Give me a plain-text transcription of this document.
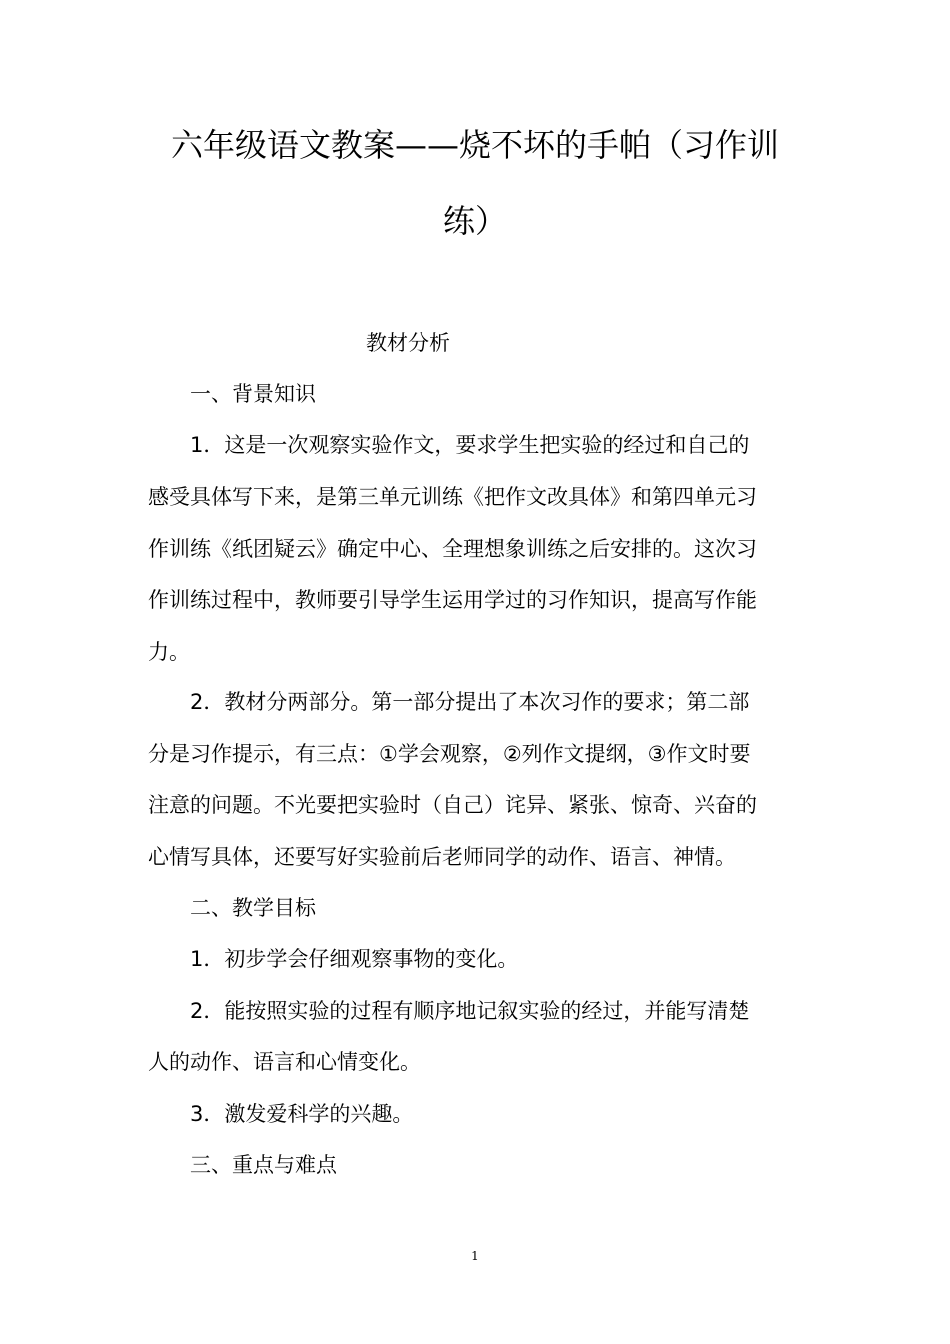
六年级语文教案——烧不坏的手帕（习作训
练）
教材分析
一、背景知识
1．这是一次观察实验作文，要求学生把实验的经过和自己的
感受具体写下来，是第三单元训练《把作文改具体》和第四单元习
作训练《纸团疑云》确定中心、全理想象训练之后安排的。这次习
作训练过程中，教师要引导学生运用学过的习作知识，提高写作能
力。
2．教材分两部分。第一部分提出了本次习作的要求；第二部
分是习作提示，有三点：①学会观察，②列作文提纲，③作文时要
注意的问题。不光要把实验时（自己）诧异、紧张、惊奇、兴奋的
心情写具体，还要写好实验前后老师同学的动作、语言、神情。
二、教学目标
1．初步学会仔细观察事物的变化。
2．能按照实验的过程有顺序地记叙实验的经过，并能写清楚
人的动作、语言和心情变化。
3．激发爱科学的兴趣。
三、重点与难点
1
